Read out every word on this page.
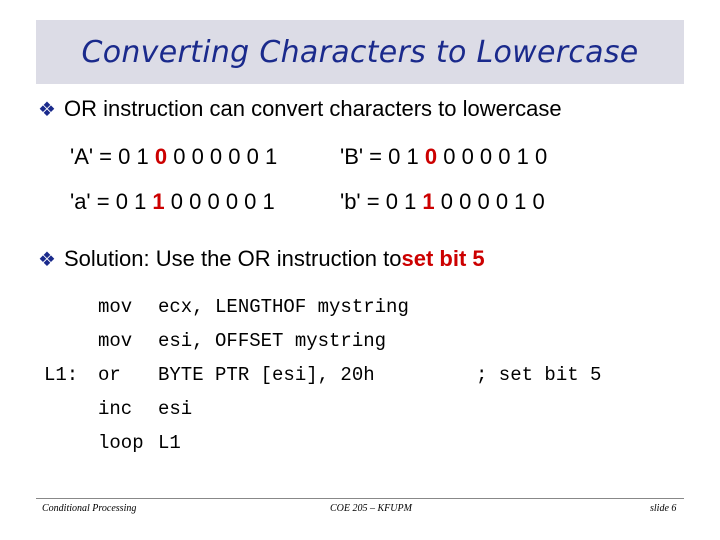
Converting Characters to Lowercase
❖ OR instruction can convert characters to lowercase
'A' = 0 1 0 0 0 0 0 0 1	'B' = 0 1 0 0 0 0 0 1 0
'a' = 0 1 1 0 0 0 0 0 1	'b' = 0 1 1 0 0 0 0 1 0
❖ Solution: Use the OR instruction to set bit 5
mov ecx, LENGTHOF mystring
mov esi, OFFSET mystring
L1: or BYTE PTR [esi], 20h	; set bit 5
inc esi
loop L1
Conditional Processing	COE 205 – KFUPM	slide 6
